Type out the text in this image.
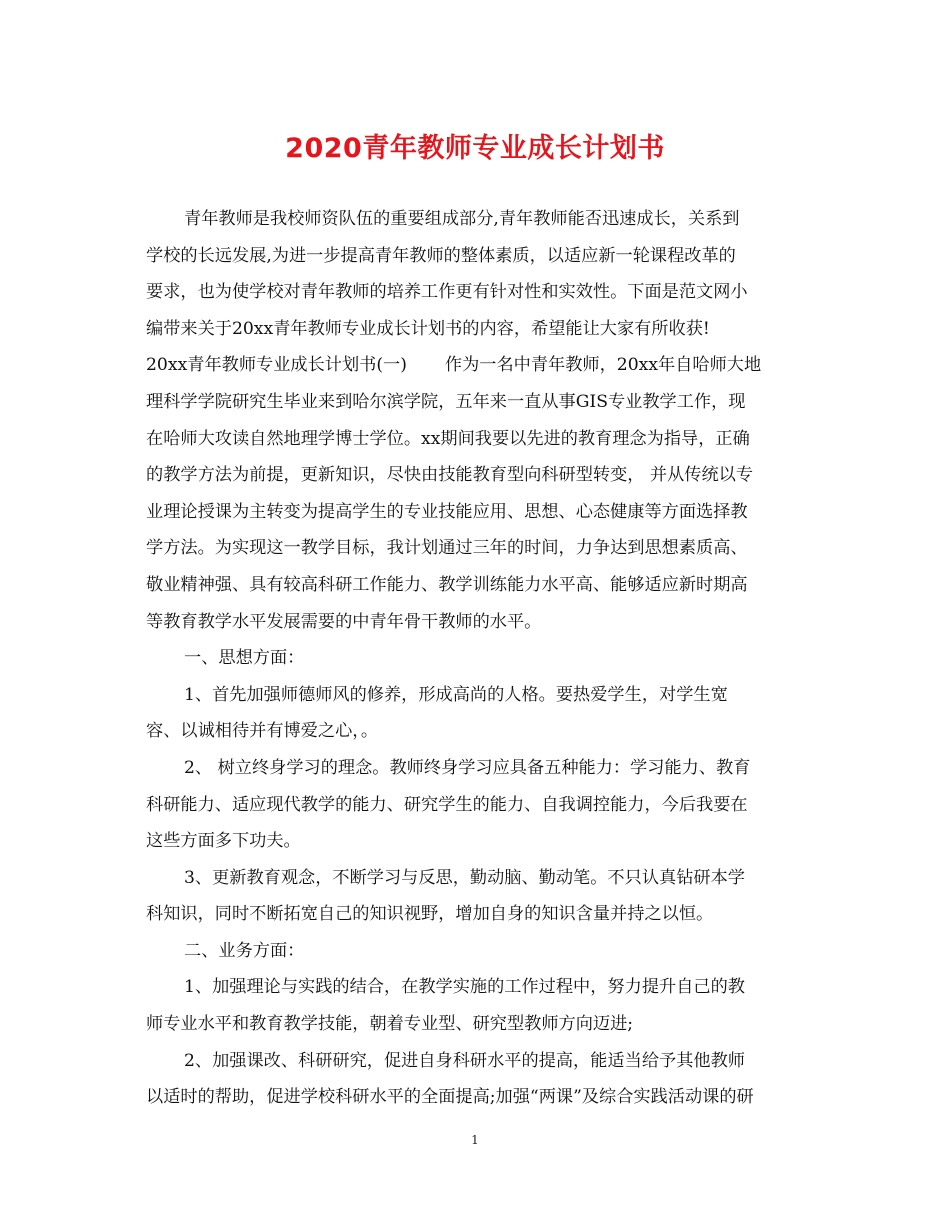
2020青年教师专业成长计划书
青年教师是我校师资队伍的重要组成部分,青年教师能否迅速成长，关系到
学校的长远发展,为进一步提高青年教师的整体素质，以适应新一轮课程改革的
要求，也为使学校对青年教师的培养工作更有针对性和实效性。下面是范文网小
编带来关于20xx青年教师专业成长计划书的内容，希望能让大家有所收获!
20xx青年教师专业成长计划书(一) 作为一名中青年教师，20xx年自哈师大地
理科学学院研究生毕业来到哈尔滨学院，五年来一直从事GIS专业教学工作，现
在哈师大攻读自然地理学博士学位。xx期间我要以先进的教育理念为指导，正确
的教学方法为前提，更新知识，尽快由技能教育型向科研型转变， 并从传统以专
业理论授课为主转变为提高学生的专业技能应用、思想、心态健康等方面选择教
学方法。为实现这一教学目标，我计划通过三年的时间，力争达到思想素质高、
敬业精神强、具有较高科研工作能力、教学训练能力水平高、能够适应新时期高
等教育教学水平发展需要的中青年骨干教师的水平。
一、思想方面：
1、首先加强师德师风的修养，形成高尚的人格。要热爱学生，对学生宽
容、以诚相待并有博爱之心，。
2、 树立终身学习的理念。教师终身学习应具备五种能力：学习能力、教育
科研能力、适应现代教学的能力、研究学生的能力、自我调控能力，今后我要在
这些方面多下功夫。
3、更新教育观念，不断学习与反思，勤动脑、勤动笔。不只认真钻研本学
科知识，同时不断拓宽自己的知识视野，增加自身的知识含量并持之以恒。
二、业务方面：
1、加强理论与实践的结合，在教学实施的工作过程中，努力提升自己的教
师专业水平和教育教学技能，朝着专业型、研究型教师方向迈进;
2、加强课改、科研研究，促进自身科研水平的提高，能适当给予其他教师
以适时的帮助，促进学校科研水平的全面提高;加强“两课”及综合实践活动课的研
1
